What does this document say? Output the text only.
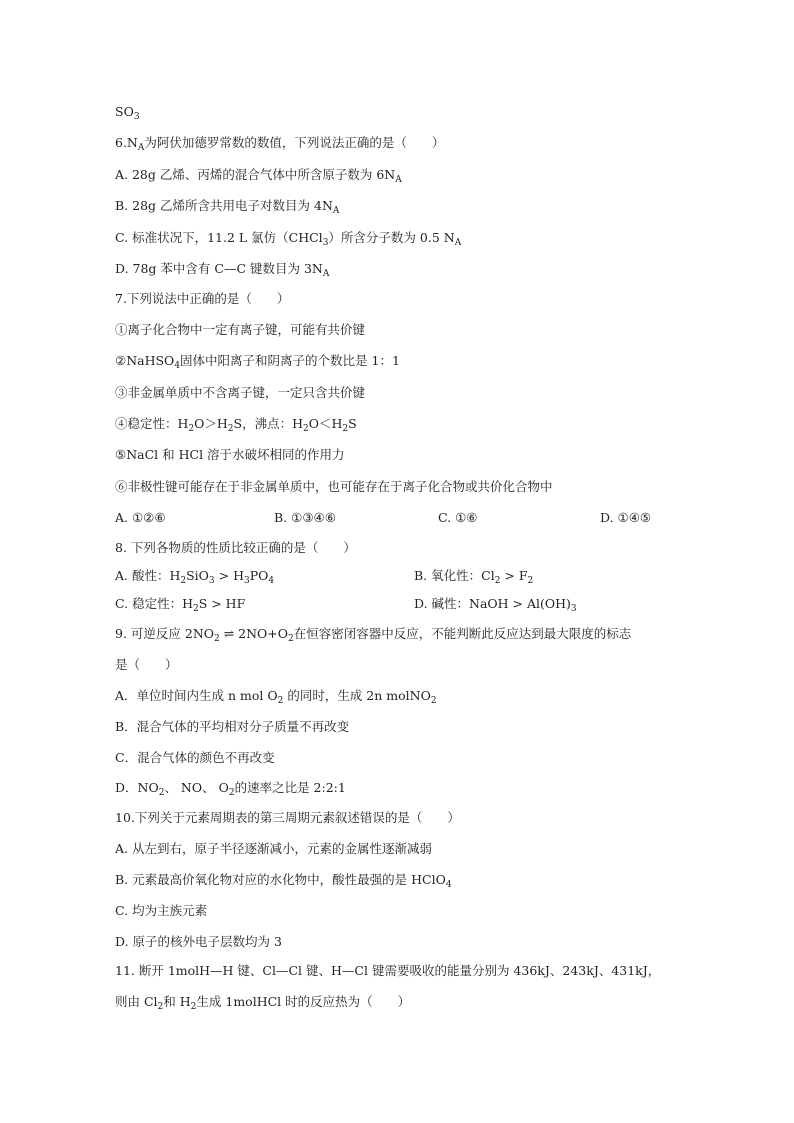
$SO_3$
$6.N_A$为阿伏加德罗常数的数值，下列说法正确的是（　　）
A. 28g 乙烯、丙烯的混合气体中所含原子数为 $6N_A$
B. 28g 乙烯所含共用电子对数目为 $4N_A$
C. 标准状况下，11.2 L 氯仿（CHCl$_3$）所含分子数为 0.5 $N_A$
D. 78g 苯中含有 C—C 键数目为 $3N_A$
7.下列说法中正确的是（　　）
①离子化合物中一定有离子键，可能有共价键
②NaHSO$_4$固体中阳离子和阴离子的个数比是 1：1
③非金属单质中不含离子键，一定只含共价键
④稳定性：$H_2O>H_2S$，沸点：$H_2O<H_2S$
⑤NaCl 和 HCl 溶于水破坏相同的作用力
⑥非极性键可能存在于非金属单质中，也可能存在于离子化合物或共价化合物中
A. ①②⑥	B. ①③④⑥	C. ①⑥	D. ①④⑤
8. 下列各物质的性质比较正确的是（　　）
A. 酸性：$H_2SiO_3 > H_3PO_4$	B. 氧化性：$Cl_2 > F_2$
C. 稳定性：$H_2S$ > HF	D. 碱性：NaOH > $Al(OH)_3$
9. 可逆反应 $2NO_2$ ⇌ $2NO+O_2$在恒容密闭容器中反应，不能判断此反应达到最大限度的标志
是（　　）
A．单位时间内生成 n mol $O_2$ 的同时，生成 2n molNO$_2$
B．混合气体的平均相对分子质量不再改变
C．混合气体的颜色不再改变
D．$NO_2$、 NO、 $O_2$的速率之比是 2:2:1
10.下列关于元素周期表的第三周期元素叙述错误的是（　　）
A. 从左到右，原子半径逐渐减小，元素的金属性逐渐减弱
B. 元素最高价氧化物对应的水化物中，酸性最强的是 HClO$_4$
C. 均为主族元素
D. 原子的核外电子层数均为 3
11. 断开 1molH—H 键、Cl—Cl 键、H—Cl 键需要吸收的能量分别为 436kJ、243kJ、431kJ，
则由 $Cl_2$和 $H_2$生成 1molHCl 时的反应热为（　　）
